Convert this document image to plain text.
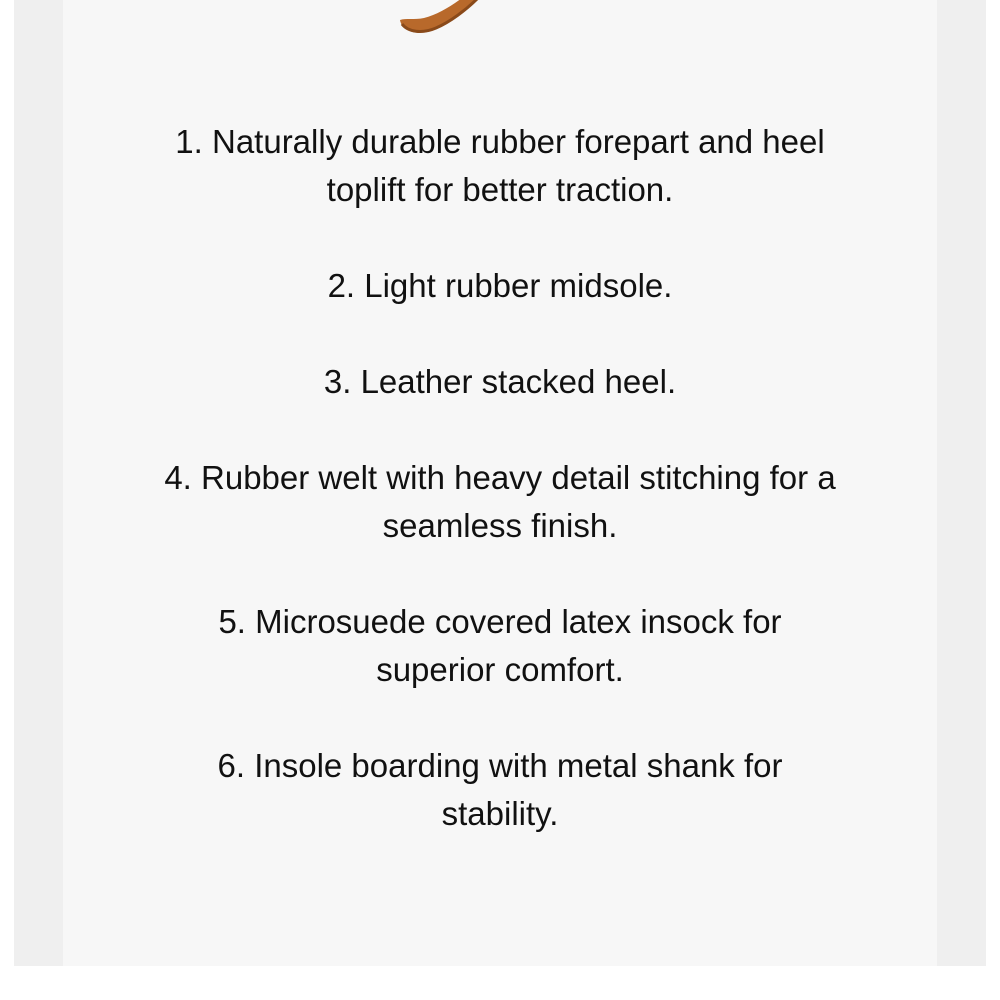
1. Naturally durable rubber forepart and heel toplift for better traction.
2. Light rubber midsole.
3. Leather stacked heel.
4. Rubber welt with heavy detail stitching for a seamless finish.
5. Microsuede covered latex insock for superior comfort.
6. Insole boarding with metal shank for stability.
